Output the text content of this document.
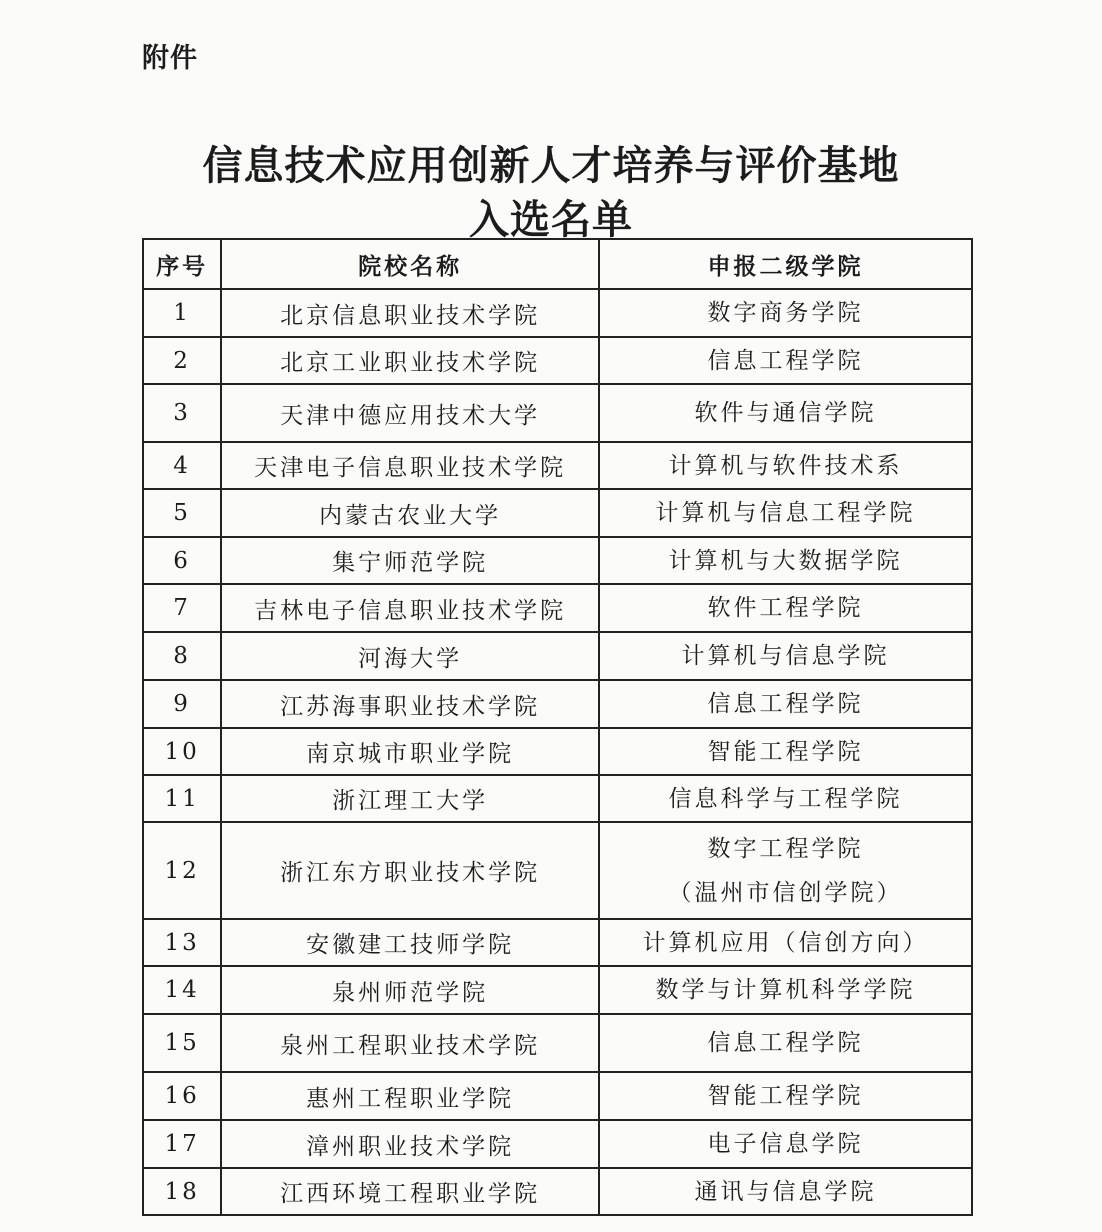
附件
信息技术应用创新人才培养与评价基地
入选名单
序号	院校名称	申报二级学院
1	北京信息职业技术学院	数字商务学院

2	北京工业职业技术学院	信息工程学院

3	天津中德应用技术大学	软件与通信学院

4	天津电子信息职业技术学院	计算机与软件技术系

5	内蒙古农业大学	计算机与信息工程学院

6	集宁师范学院	计算机与大数据学院

7	吉林电子信息职业技术学院	软件工程学院

8	河海大学	计算机与信息学院

9	江苏海事职业技术学院	信息工程学院

10	南京城市职业学院	智能工程学院

11	浙江理工大学	信息科学与工程学院

12	浙江东方职业技术学院	数字工程学院
（温州市信创学院）

13	安徽建工技师学院	计算机应用（信创方向）

14	泉州师范学院	数学与计算机科学学院

15	泉州工程职业技术学院	信息工程学院

16	惠州工程职业学院	智能工程学院

17	漳州职业技术学院	电子信息学院

18	江西环境工程职业学院	通讯与信息学院
